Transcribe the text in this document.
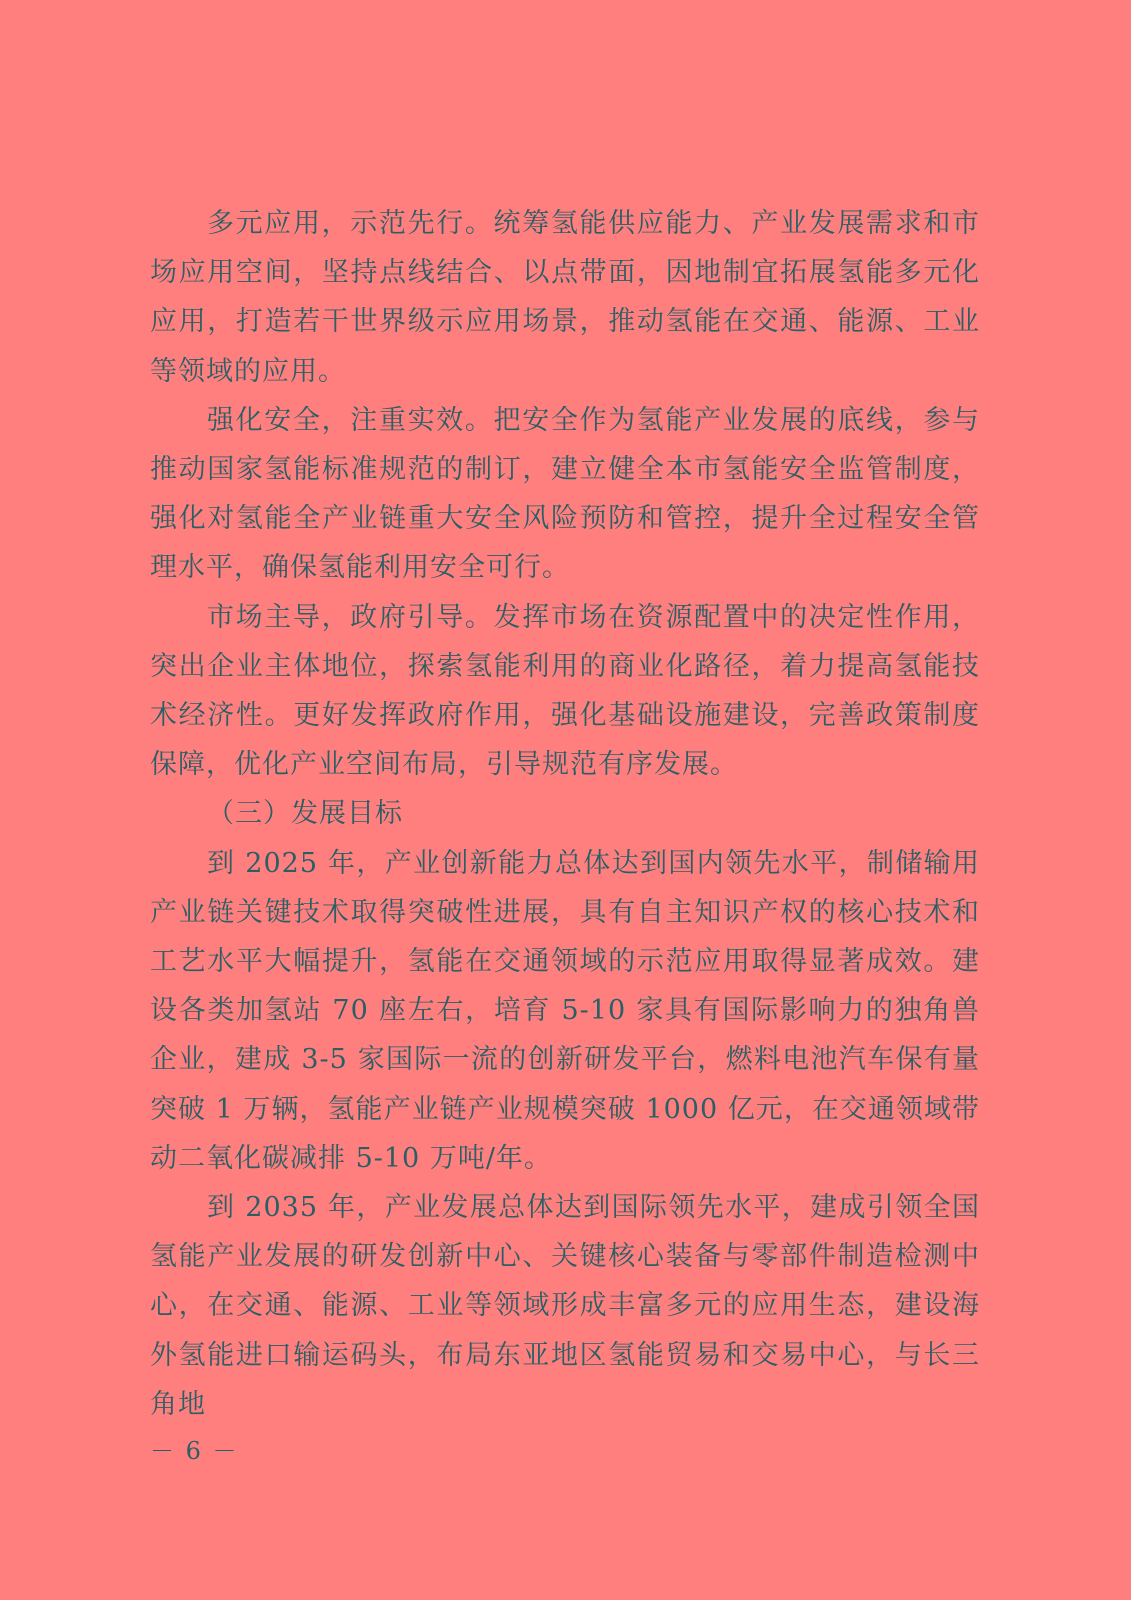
多元应用，示范先行。统筹氢能供应能力、产业发展需求和市场应用空间，坚持点线结合、以点带面，因地制宜拓展氢能多元化应用，打造若干世界级示应用场景，推动氢能在交通、能源、工业等领域的应用。

强化安全，注重实效。把安全作为氢能产业发展的底线，参与推动国家氢能标准规范的制订，建立健全本市氢能安全监管制度，强化对氢能全产业链重大安全风险预防和管控，提升全过程安全管理水平，确保氢能利用安全可行。

市场主导，政府引导。发挥市场在资源配置中的决定性作用，突出企业主体地位，探索氢能利用的商业化路径，着力提高氢能技术经济性。更好发挥政府作用，强化基础设施建设，完善政策制度保障，优化产业空间布局，引导规范有序发展。

（三）发展目标

到 2025 年，产业创新能力总体达到国内领先水平，制储输用产业链关键技术取得突破性进展，具有自主知识产权的核心技术和工艺水平大幅提升，氢能在交通领域的示范应用取得显著成效。建设各类加氢站 70 座左右，培育 5-10 家具有国际影响力的独角兽企业，建成 3-5 家国际一流的创新研发平台，燃料电池汽车保有量突破 1 万辆，氢能产业链产业规模突破 1000 亿元，在交通领域带动二氧化碳减排 5-10 万吨/年。

到 2035 年，产业发展总体达到国际领先水平，建成引领全国氢能产业发展的研发创新中心、关键核心装备与零部件制造检测中心，在交通、能源、工业等领域形成丰富多元的应用生态，建设海外氢能进口输运码头，布局东亚地区氢能贸易和交易中心，与长三角地

－ 6 －
